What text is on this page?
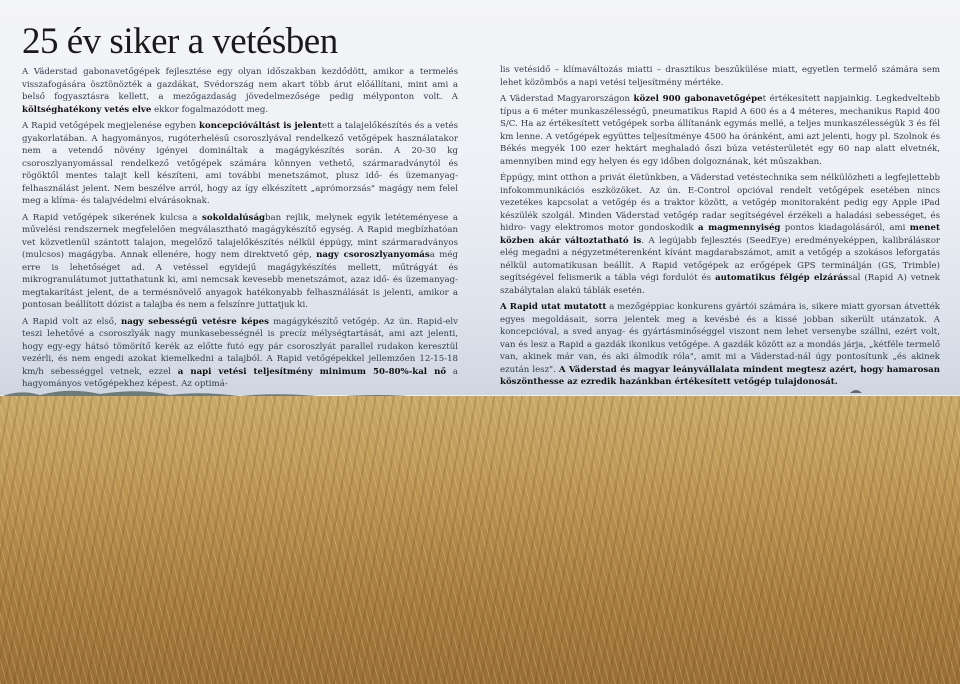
25 év siker a vetésben

A Väderstad gabonavetőgépek fejlesztése egy olyan időszakban kezdődött, amikor a termelés visszafogására ösztönözték a gazdákat, Svédország nem akart több árut előállítani, mint ami a belső fogyasztásra kellett, a mezőgazdaság jövedelmezősége pedig mélyponton volt. A költséghatékony vetés elve ekkor fogalmazódott meg.

A Rapid vetőgépek megjelenése egyben koncepcióváltást is jelentett a talajelőkészítés és a vetés gyakorlatában. A hagyományos, rugóterhelésű csoroszlyával rendelkező vetőgépek használatakor nem a vetendő növény igényei domináltak a magágykészítés során. A 20-30 kg csoroszlyanyomással rendelkező vetőgépek számára könnyen vethető, szármaradványtól és rögöktől mentes talajt kell készíteni, ami további menetszámot, plusz idő- és üzemanyag-felhasználást jelent. Nem beszélve arról, hogy az így elkészített „aprómorzsás" magágy nem felel meg a klíma- és talajvédelmi elvárásoknak.

A Rapid vetőgépek sikerének kulcsa a sokoldalúságban rejlik, melynek egyik letéteményese a művelési rendszernek megfelelően megválasztható magágykészítő egység. A Rapid megbízhatóan vet közvetlenül szántott talajon, megelőző talajelőkészítés nélkül éppúgy, mint szármaradványos (mulcsos) magágyba. Annak ellenére, hogy nem direktvető gép, nagy csoroszlyanyomása még erre is lehetőséget ad. A vetéssel egyidejű magágykészítés mellett, műtrágyát és mikrogranulátumot juttathatunk ki, ami nemcsak kevesebb menetszámot, azaz idő- és üzemanyag-megtakarítást jelent, de a termésnövelő anyagok hatékonyabb felhasználását is jelenti, amikor a pontosan beállított dózist a talajba és nem a felszínre juttatjuk ki.

A Rapid volt az első, nagy sebességű vetésre képes magágykészítő vetőgép. Az ún. Rapid-elv teszi lehetővé a csoroszlyák nagy munkasebességnél is precíz mélységtartását, ami azt jelenti, hogy egy-egy hátsó tömörítő kerék az előtte futó egy pár csoroszlyát parallel rudakon keresztül vezérli, és nem engedi azokat kiemelkedni a talajból. A Rapid vetőgépekkel jellemzően 12-15-18 km/h sebességgel vetnek, ezzel a napi vetési teljesítmény minimum 50-80%-kal nő a hagyományos vetőgépekhez képest. Az optimá-

lis vetésidő – klímaváltozás miatti – drasztikus beszűkülése miatt, egyetlen termelő számára sem lehet közömbös a napi vetési teljesítmény mértéke.

A Väderstad Magyarországon közel 900 gabonavetőgépet értékesített napjainkig. Legkedveltebb típus a 6 méter munkaszélességű, pneumatikus Rapid A 600 és a 4 méteres, mechanikus Rapid 400 S/C. Ha az értékesített vetőgépek sorba állítanánk egymás mellé, a teljes munkaszélességük 3 és fél km lenne. A vetőgépek együttes teljesítménye 4500 ha óránként, ami azt jelenti, hogy pl. Szolnok és Békés megyék 100 ezer hektárt meghaladó őszi búza vetésterületét egy 60 nap alatt elvetnék, amennyiben mind egy helyen és egy időben dolgoznának, két műszakban.

Éppúgy, mint otthon a privát életünkben, a Väderstad vetéstechnika sem nélkülözheti a legfejlettebb infokommunikációs eszközöket. Az ún. E-Control opcióval rendelt vetőgépek esetében nincs vezetékes kapcsolat a vetőgép és a traktor között, a vetőgép monitoraként pedig egy Apple iPad készülék szolgál. Minden Väderstad vetőgép radar segítségével érzékeli a haladási sebességet, és hidro- vagy elektromos motor gondoskodik a magmennyiség pontos kiadagolásáról, ami menet közben akár változtatható is. A legújabb fejlesztés (SeedEye) eredményeképpen, kalibrálásкor elég megadni a négyzetméterenként kívánt magdarabszámot, amit a vetőgép a szokásos leforgatás nélkül automatikusan beállít. A Rapid vetőgépek az erőgépek GPS terminálján (GS, Trimble) segítségével felismerik a tábla végi fordulót és automatikus félgép elzárással (Rapid A) vetnek szabálytalan alakú táblák esetén.

A Rapid utat mutatott a mezőgéppiac konkurens gyártói számára is, sikere miatt gyorsan átvették egyes megoldásait, sorra jelentek meg a kevésbé és a kissé jobban sikerült utánzatok. A koncepcióval, a sved anyag- és gyártásminőséggel viszont nem lehet versenybe szállni, ezért volt, van és lesz a Rapid a gazdák ikonikus vetőgépe. A gazdák között az a mondás járja, „kétféle termelő van, akinek már van, és aki álmodik róla", amit mi a Väderstad-nál úgy pontosítunk „és akinek ezután lesz". A Väderstad és magyar leányvállalata mindent megtesz azért, hogy hamarosan köszönthesse az ezredik hazánkban értékesített vetőgép tulajdonosát.
